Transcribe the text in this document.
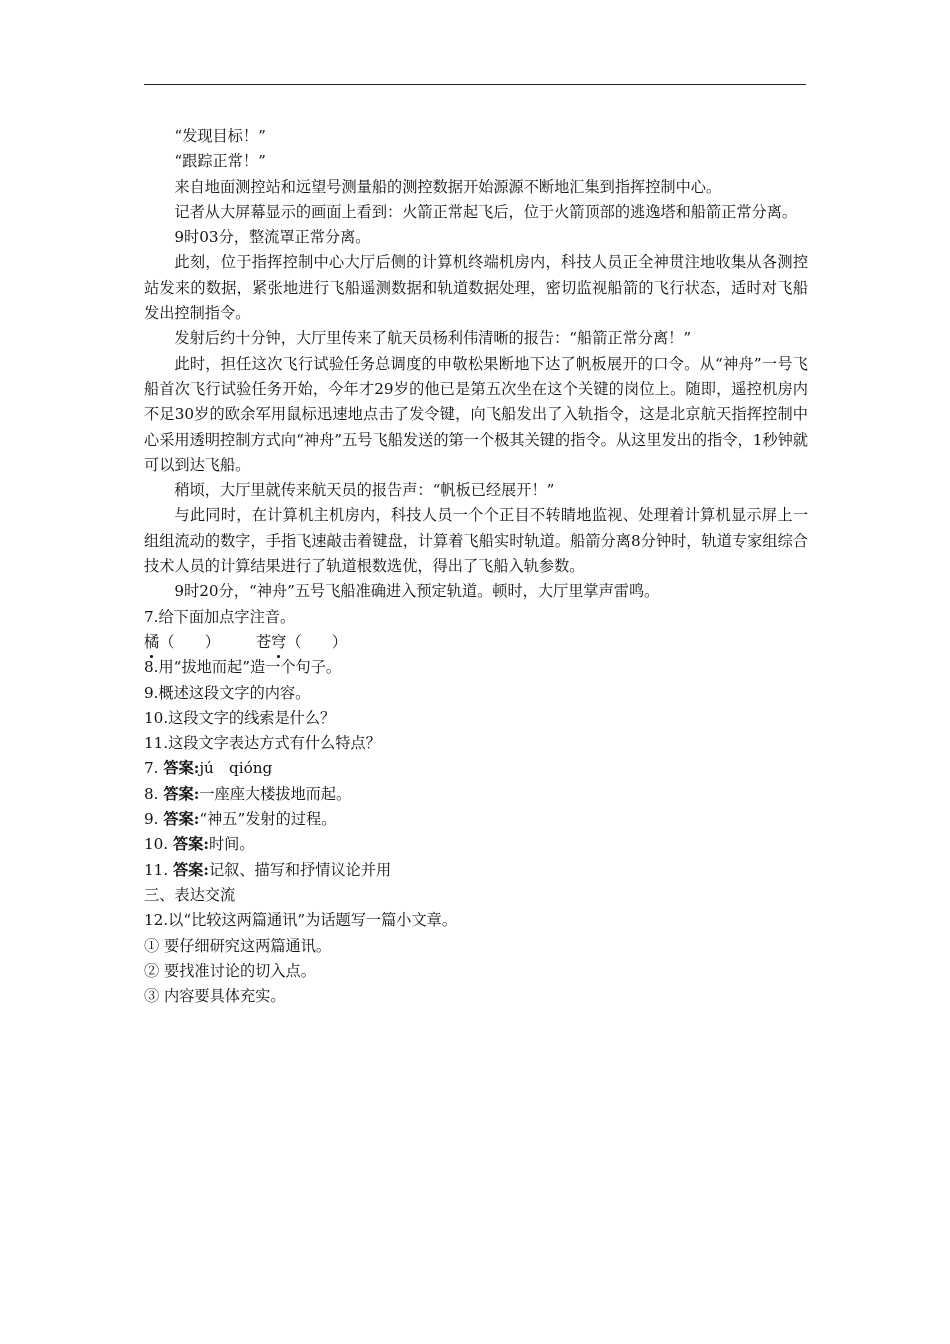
“发现目标！”

“跟踪正常！”

来自地面测控站和远望号测量船的测控数据开始源源不断地汇集到指挥控制中心。

记者从大屏幕显示的画面上看到：火箭正常起飞后，位于火箭顶部的逃逸塔和船箭正常分离。

9时03分，整流罩正常分离。

此刻，位于指挥控制中心大厅后侧的计算机终端机房内，科技人员正全神贯注地收集从各测控站发来的数据，紧张地进行飞船遥测数据和轨道数据处理，密切监视船箭的飞行状态，适时对飞船发出控制指令。

发射后约十分钟，大厅里传来了航天员杨利伟清晰的报告：“船箭正常分离！”

此时，担任这次飞行试验任务总调度的申敬松果断地下达了帆板展开的口令。从“神舟”一号飞船首次飞行试验任务开始，今年才29岁的他已是第五次坐在这个关键的岗位上。随即，遥控机房内不足30岁的欧余军用鼠标迅速地点击了发令键，向飞船发出了入轨指令，这是北京航天指挥控制中心采用透明控制方式向“神舟”五号飞船发送的第一个极其关键的指令。从这里发出的指令，1秒钟就可以到达飞船。

稍顷，大厅里就传来航天员的报告声：“帆板已经展开！”

与此同时，在计算机主机房内，科技人员一个个正目不转睛地监视、处理着计算机显示屏上一组组流动的数字，手指飞速敲击着键盘，计算着飞船实时轨道。船箭分离8分钟时，轨道专家组综合技术人员的计算结果进行了轨道根数选优，得出了飞船入轨参数。

9时20分，“神舟”五号飞船准确进入预定轨道。顿时，大厅里掌声雷鸣。

7.给下面加点字注音。

橘（　　） 苍穹（　　）

8.用“拔地而起”造一个句子。

9.概述这段文字的内容。

10.这段文字的线索是什么？

11.这段文字表达方式有什么特点？

7. 答案:jú　qióng

8. 答案:一座座大楼拔地而起。

9. 答案:“神五”发射的过程。

10. 答案:时间。

11. 答案:记叙、描写和抒情议论并用

三、表达交流

12.以“比较这两篇通讯”为话题写一篇小文章。

① 要仔细研究这两篇通讯。

② 要找准讨论的切入点。

③ 内容要具体充实。
